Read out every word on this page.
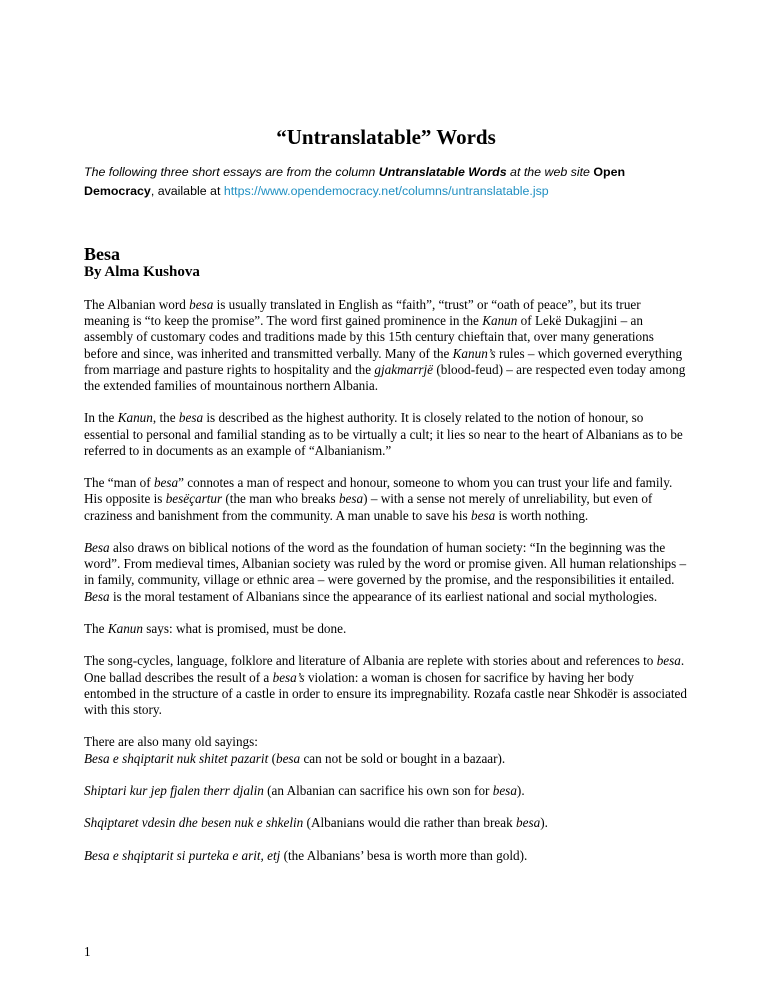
“Untranslatable” Words

The following three short essays are from the column Untranslatable Words at the web site Open Democracy, available at https://www.opendemocracy.net/columns/untranslatable.jsp

Besa
By Alma Kushova

The Albanian word besa is usually translated in English as “faith”, “trust” or “oath of peace”, but its truer meaning is “to keep the promise”. The word first gained prominence in the Kanun of Lekë Dukagjini – an assembly of customary codes and traditions made by this 15th century chieftain that, over many generations before and since, was inherited and transmitted verbally. Many of the Kanun’s rules – which governed everything from marriage and pasture rights to hospitality and the gjakmarrjë (blood-feud) – are respected even today among the extended families of mountainous northern Albania.

In the Kanun, the besa is described as the highest authority. It is closely related to the notion of honour, so essential to personal and familial standing as to be virtually a cult; it lies so near to the heart of Albanians as to be referred to in documents as an example of “Albanianism.”

The “man of besa” connotes a man of respect and honour, someone to whom you can trust your life and family. His opposite is besëçartur (the man who breaks besa) – with a sense not merely of unreliability, but even of craziness and banishment from the community. A man unable to save his besa is worth nothing.

Besa also draws on biblical notions of the word as the foundation of human society: “In the beginning was the word”. From medieval times, Albanian society was ruled by the word or promise given. All human relationships – in family, community, village or ethnic area – were governed by the promise, and the responsibilities it entailed. Besa is the moral testament of Albanians since the appearance of its earliest national and social mythologies.

The Kanun says: what is promised, must be done.

The song-cycles, language, folklore and literature of Albania are replete with stories about and references to besa. One ballad describes the result of a besa’s violation: a woman is chosen for sacrifice by having her body entombed in the structure of a castle in order to ensure its impregnability. Rozafa castle near Shkodër is associated with this story.

There are also many old sayings:
Besa e shqiptarit nuk shitet pazarit (besa can not be sold or bought in a bazaar).

Shiptari kur jep fjalen therr djalin (an Albanian can sacrifice his own son for besa).

Shqiptaret vdesin dhe besen nuk e shkelin (Albanians would die rather than break besa).

Besa e shqiptarit si purteka e arit, etj (the Albanians’ besa is worth more than gold).

1
